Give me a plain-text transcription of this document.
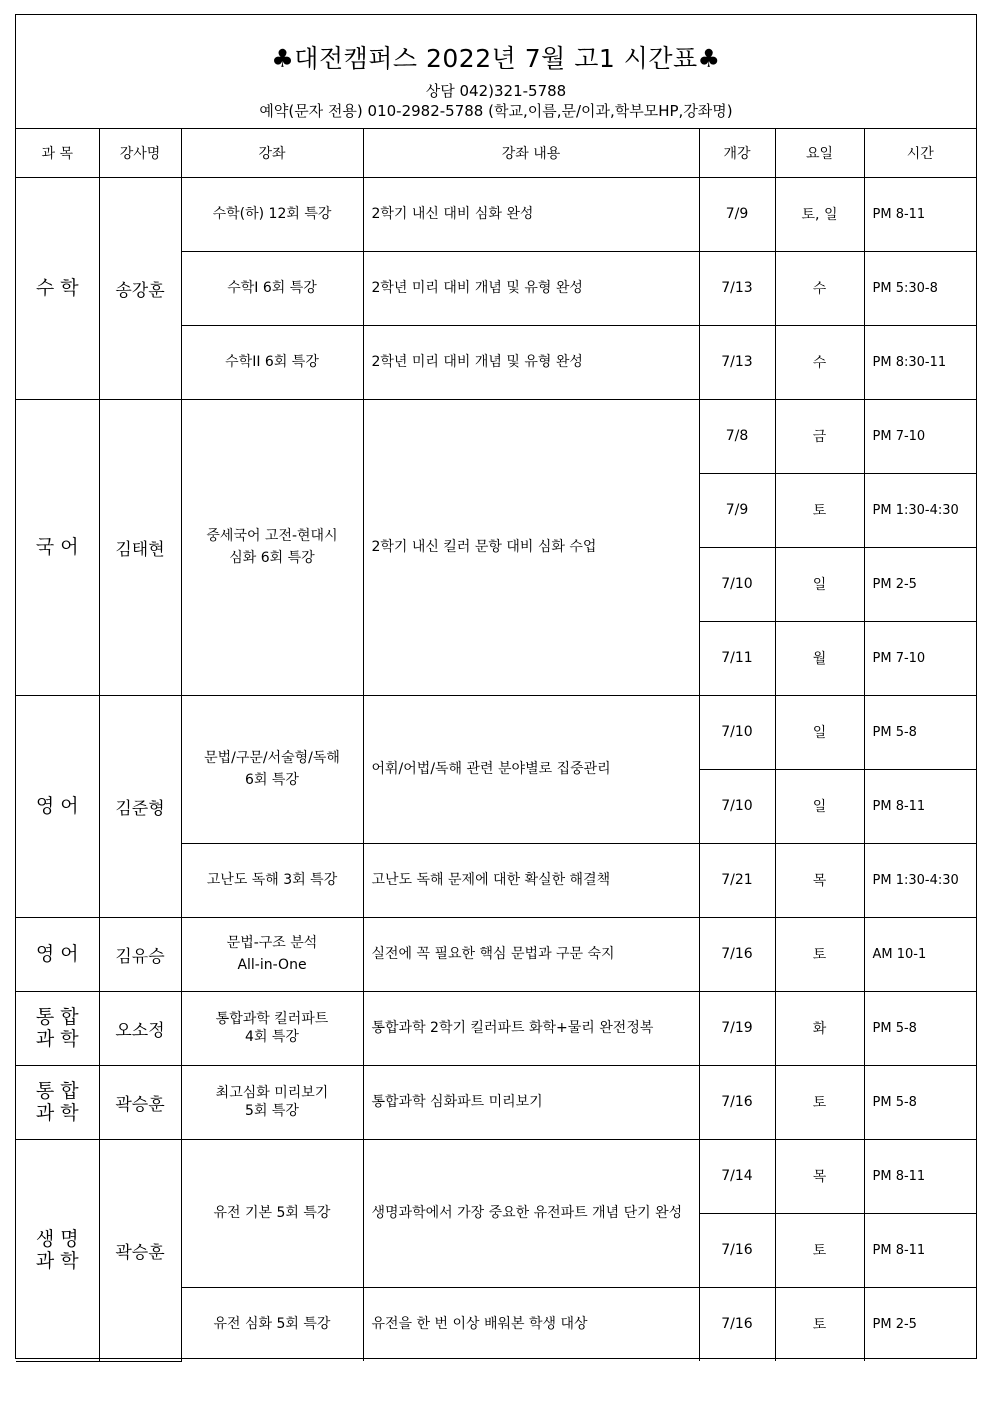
♣대전캠퍼스 2022년 7월 고1 시간표♣
상담 042)321-5788
예약(문자 전용) 010-2982-5788 (학교,이름,문/이과,학부모HP,강좌명)
과 목	강사명	강좌	강좌 내용	개강	요일	시간
수 학	송강훈	수학(하) 12회 특강	2학기 내신 대비 심화 완성	7/9	토, 일	PM 8-11
		수학I 6회 특강	2학년 미리 대비 개념 및 유형 완성	7/13	수	PM 5:30-8
		수학II 6회 특강	2학년 미리 대비 개념 및 유형 완성	7/13	수	PM 8:30-11
국 어	김태현	중세국어 고전-현대시
심화 6회 특강	2학기 내신 킬러 문항 대비 심화 수업	7/8	금	PM 7-10
				7/9	토	PM 1:30-4:30
				7/10	일	PM 2-5
				7/11	월	PM 7-10
영 어	김준형	문법/구문/서술형/독해
6회 특강	어휘/어법/독해 관련 분야별로 집중관리	7/10	일	PM 5-8
				7/10	일	PM 8-11
		고난도 독해 3회 특강	고난도 독해 문제에 대한 확실한 해결책	7/21	목	PM 1:30-4:30
영 어	김유승	문법-구조 분석
All-in-One	실전에 꼭 필요한 핵심 문법과 구문 숙지	7/16	토	AM 10-1
통 합
과 학	오소정	통합과학 킬러파트
4회 특강	통합과학 2학기 킬러파트 화학+물리 완전정복	7/19	화	PM 5-8
통 합
과 학	곽승훈	최고심화 미리보기
5회 특강	통합과학 심화파트 미리보기	7/16	토	PM 5-8
생 명
과 학	곽승훈	유전 기본 5회 특강	생명과학에서 가장 중요한 유전파트 개념 단기 완성	7/14	목	PM 8-11
				7/16	토	PM 8-11
		유전 심화 5회 특강	유전을 한 번 이상 배워본 학생 대상	7/16	토	PM 2-5
